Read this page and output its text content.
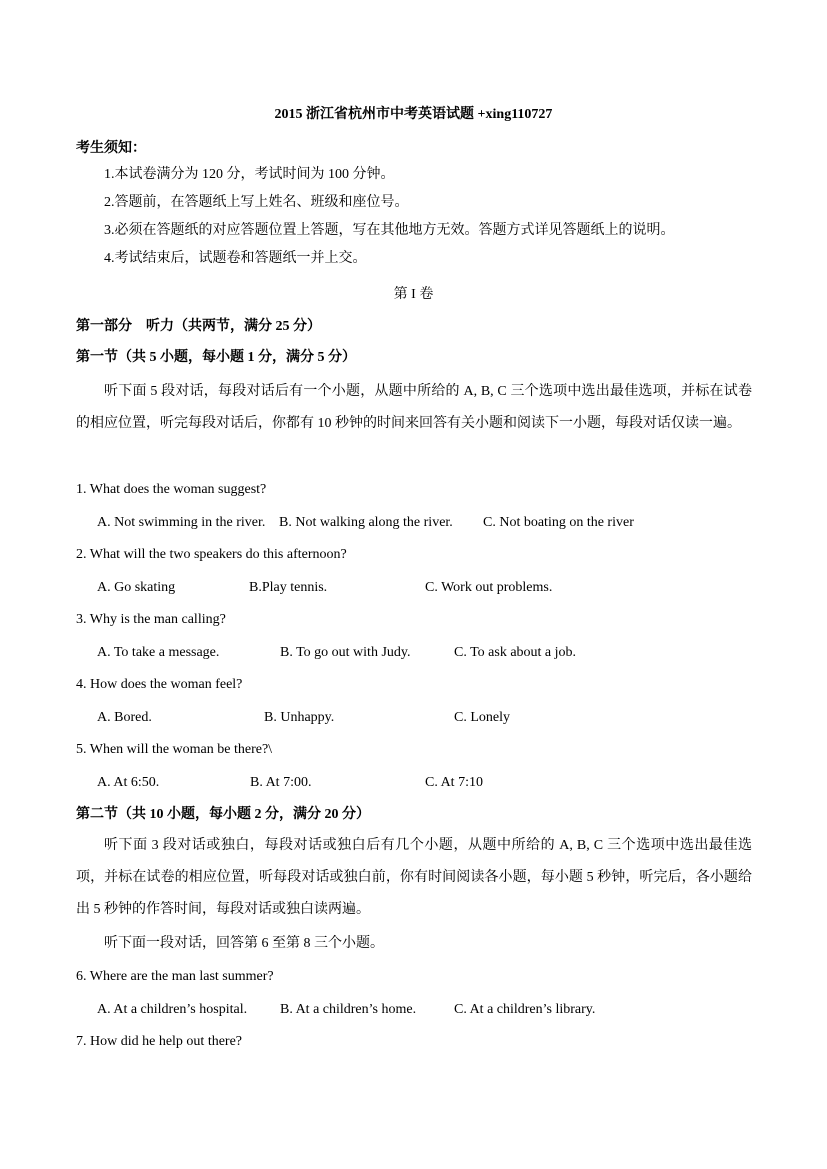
2015 浙江省杭州市中考英语试题 +xing110727
考生须知：
1.本试卷满分为 120 分，考试时间为 100 分钟。
2.答题前，在答题纸上写上姓名、班级和座位号。
3.必须在答题纸的对应答题位置上答题，写在其他地方无效。答题方式详见答题纸上的说明。
4.考试结束后，试题卷和答题纸一并上交。
第 I 卷
第一部分　听力（共两节，满分 25 分）
第一节（共 5 小题，每小题 1 分，满分 5 分）
听下面 5 段对话，每段对话后有一个小题，从题中所给的 A, B, C 三个选项中选出最佳选项，并标在试卷的相应位置，听完每段对话后，你都有 10 秒钟的时间来回答有关小题和阅读下一小题，每段对话仅读一遍。
1. What does the woman suggest?
A. Not swimming in the river. B. Not walking along the river. C. Not boating on the river
2. What will the two speakers do this afternoon?
A. Go skating	B.Play tennis.	C. Work out problems.
3. Why is the man calling?
A. To take a message.	B. To go out with Judy.	C. To ask about a job.
4. How does the woman feel?
A. Bored.	B. Unhappy.	C. Lonely
5. When will the woman be there?\
A. At 6:50.	B. At 7:00.	C. At 7:10
第二节（共 10 小题，每小题 2 分，满分 20 分）
听下面 3 段对话或独白，每段对话或独白后有几个小题，从题中所给的 A, B, C 三个选项中选出最佳选项，并标在试卷的相应位置，听每段对话或独白前，你有时间阅读各小题，每小题 5 秒钟，听完后，各小题给出 5 秒钟的作答时间，每段对话或独白读两遍。
听下面一段对话，回答第 6 至第 8 三个小题。
6. Where are the man last summer?
A. At a children’s hospital. B. At a children’s home.	C. At a children’s library.
7. How did he help out there?
